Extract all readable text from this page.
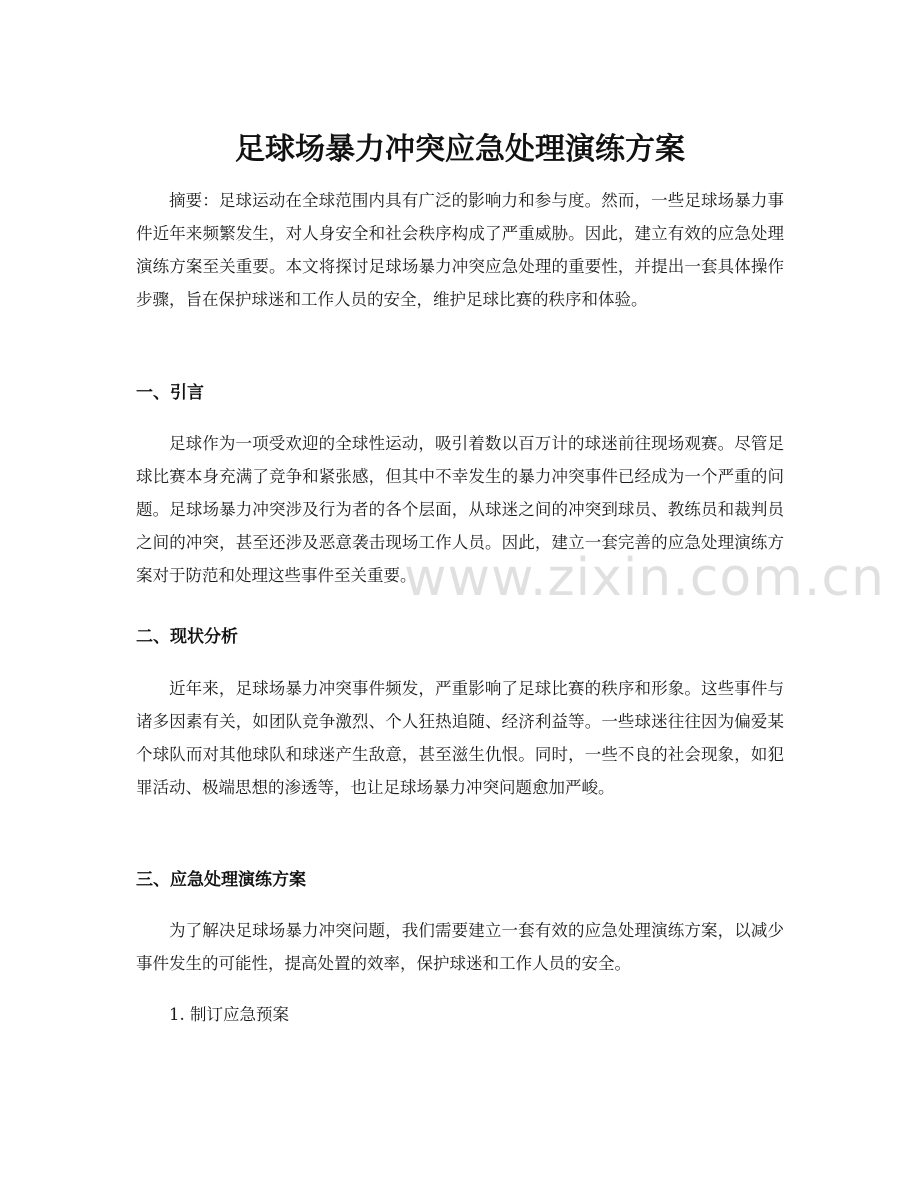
足球场暴力冲突应急处理演练方案

摘要：足球运动在全球范围内具有广泛的影响力和参与度。然而，一些足球场暴力事件近年来频繁发生，对人身安全和社会秩序构成了严重威胁。因此，建立有效的应急处理演练方案至关重要。本文将探讨足球场暴力冲突应急处理的重要性，并提出一套具体操作步骤，旨在保护球迷和工作人员的安全，维护足球比赛的秩序和体验。

一、引言

足球作为一项受欢迎的全球性运动，吸引着数以百万计的球迷前往现场观赛。尽管足球比赛本身充满了竞争和紧张感，但其中不幸发生的暴力冲突事件已经成为一个严重的问题。足球场暴力冲突涉及行为者的各个层面，从球迷之间的冲突到球员、教练员和裁判员之间的冲突，甚至还涉及恶意袭击现场工作人员。因此，建立一套完善的应急处理演练方案对于防范和处理这些事件至关重要。

二、现状分析

近年来，足球场暴力冲突事件频发，严重影响了足球比赛的秩序和形象。这些事件与诸多因素有关，如团队竞争激烈、个人狂热追随、经济利益等。一些球迷往往因为偏爱某个球队而对其他球队和球迷产生敌意，甚至滋生仇恨。同时，一些不良的社会现象，如犯罪活动、极端思想的渗透等，也让足球场暴力冲突问题愈加严峻。

三、应急处理演练方案

为了解决足球场暴力冲突问题，我们需要建立一套有效的应急处理演练方案，以减少事件发生的可能性，提高处置的效率，保护球迷和工作人员的安全。

1. 制订应急预案
www.zixin.com.cn
